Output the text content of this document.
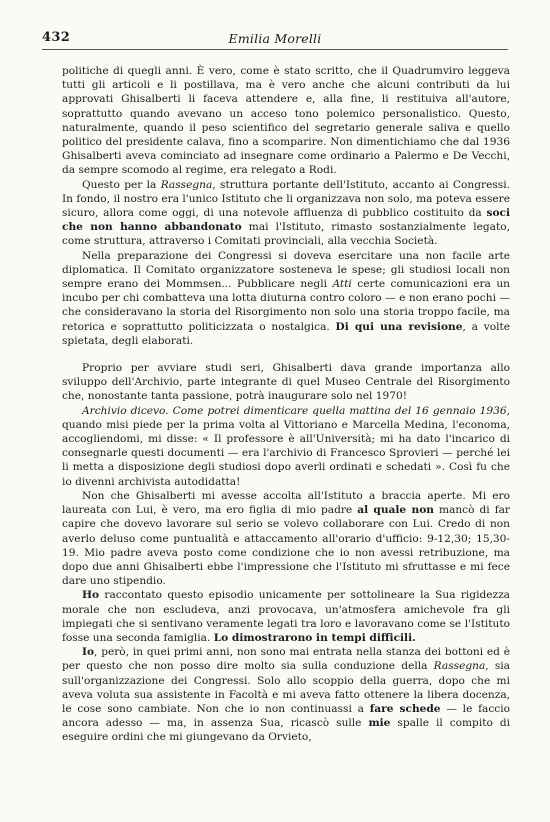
432	Emilia Morelli

politiche di quegli anni. È vero, come è stato scritto, che il Quadrumviro leggeva tutti gli articoli e li postillava, ma è vero anche che alcuni contributi da lui approvati Ghisalberti li faceva attendere e, alla fine, li restituiva all'autore, soprattutto quando avevano un acceso tono polemico personalistico. Questo, naturalmente, quando il peso scientifico del segretario generale saliva e quello politico del presidente calava, fino a scomparire. Non dimentichiamo che dal 1936 Ghisalberti aveva cominciato ad insegnare come ordinario a Palermo e De Vecchi, da sempre scomodo al regime, era relegato a Rodi.

Questo per la Rassegna, struttura portante dell'Istituto, accanto ai Congressi. In fondo, il nostro era l'unico Istituto che li organizzava non solo, ma poteva essere sicuro, allora come oggi, di una notevole affluenza di pubblico costituito da soci che non hanno abbandonato mai l'Istituto, rimasto sostanzialmente legato, come struttura, attraverso i Comitati provinciali, alla vecchia Società.

Nella preparazione dei Congressi si doveva esercitare una non facile arte diplomatica. Il Comitato organizzatore sosteneva le spese; gli studiosi locali non sempre erano dei Mommsen... Pubblicare negli Atti certe comunicazioni era un incubo per chi combatteva una lotta diuturna contro coloro — e non erano pochi — che consideravano la storia del Risorgimento non solo una storia troppo facile, ma retorica e soprattutto politicizzata o nostalgica. Di qui una revisione, a volte spietata, degli elaborati.

Proprio per avviare studi seri, Ghisalberti dava grande importanza allo sviluppo dell'Archivio, parte integrante di quel Museo Centrale del Risorgimento che, nonostante tanta passione, potrà inaugurare solo nel 1970!

Archivio dicevo. Come potrei dimenticare quella mattina del 16 gennaio 1936, quando misi piede per la prima volta al Vittoriano e Marcella Medina, l'economa, accogliendomi, mi disse: « Il professore è all'Università; mi ha dato l'incarico di consegnarle questi documenti — era l'archivio di Francesco Sprovieri — perché lei li metta a disposizione degli studiosi dopo averli ordinati e schedati ». Così fu che io divenni archivista autodidatta!

Non che Ghisalberti mi avesse accolta all'Istituto a braccia aperte. Mi ero laureata con Lui, è vero, ma ero figlia di mio padre al quale non mancò di far capire che dovevo lavorare sul serio se volevo collaborare con Lui. Credo di non averlo deluso come puntualità e attaccamento all'orario d'ufficio: 9-12,30; 15,30-19. Mio padre aveva posto come condizione che io non avessi retribuzione, ma dopo due anni Ghisalberti ebbe l'impressione che l'Istituto mi sfruttasse e mi fece dare uno stipendio.

Ho raccontato questo episodio unicamente per sottolineare la Sua rigidezza morale che non escludeva, anzi provocava, un'atmosfera amichevole fra gli impiegati che si sentivano veramente legati tra loro e lavoravano come se l'Istituto fosse una seconda famiglia. Lo dimostrarono in tempi difficili.

Io, però, in quei primi anni, non sono mai entrata nella stanza dei bottoni ed è per questo che non posso dire molto sia sulla conduzione della Rassegna, sia sull'organizzazione dei Congressi. Solo allo scoppio della guerra, dopo che mi aveva voluta sua assistente in Facoltà e mi aveva fatto ottenere la libera docenza, le cose sono cambiate. Non che io non continuassi a fare schede — le faccio ancora adesso — ma, in assenza Sua, ricascò sulle mie spalle il compito di eseguire ordini che mi giungevano da Orvieto,
